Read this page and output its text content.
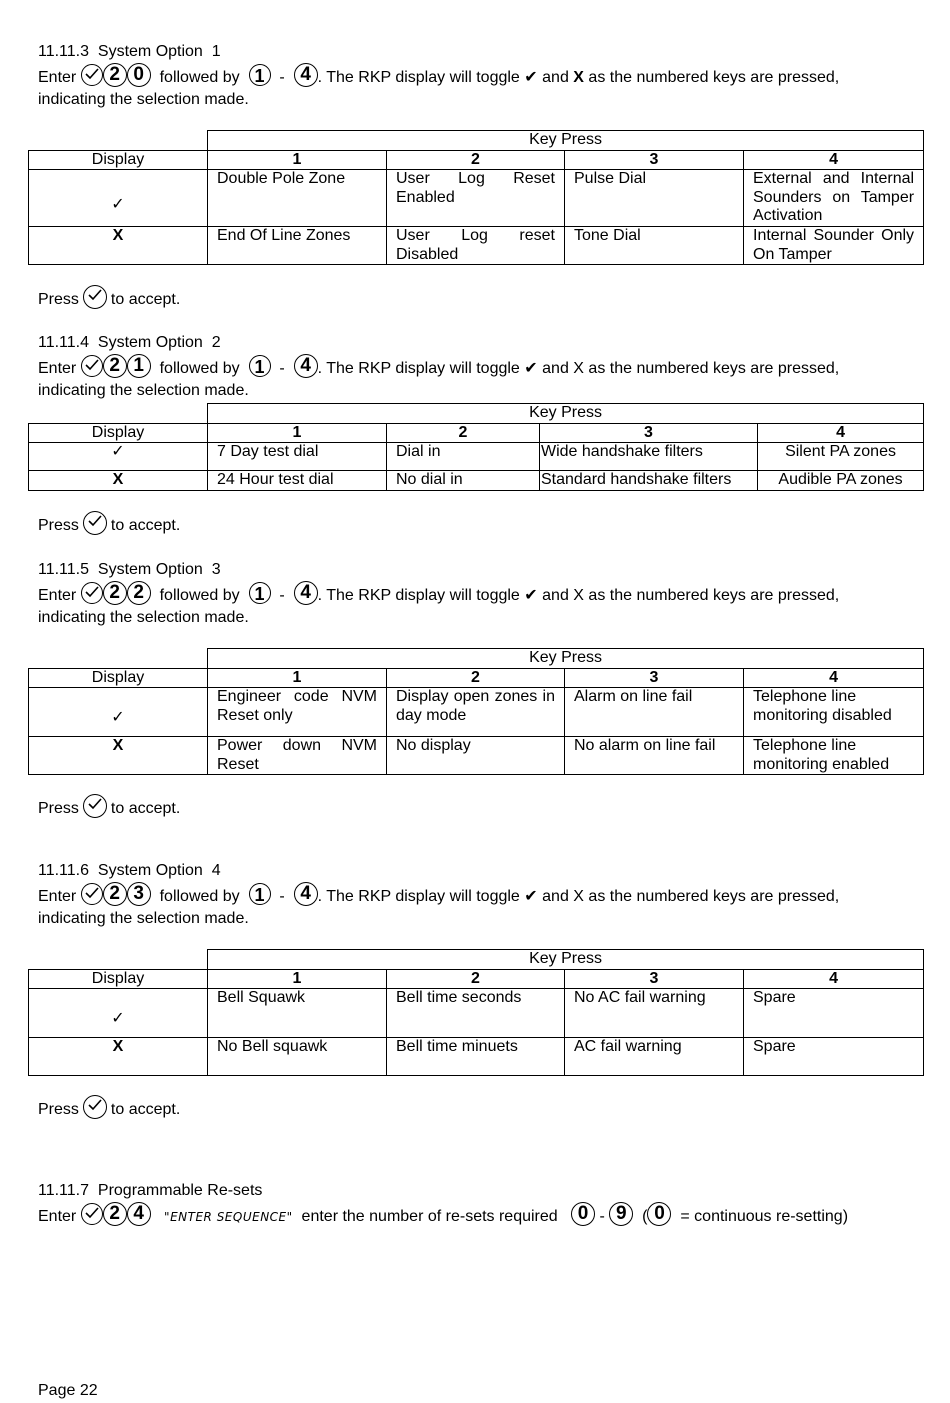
11.11.3  System Option  1
Enter 2 0 followed by 1 - 4 . The RKP display will toggle ✔ and X as the numbered keys are pressed,
indicating the selection made.
	Key Press			
Display	1	2	3	4
✓	Double Pole Zone	User Log Reset Enabled	Pulse Dial	External and Internal Sounders on Tamper Activation
X	End Of Line Zones	User Log reset Disabled	Tone Dial	Internal Sounder Only On Tamper
Press to accept.
11.11.4  System Option  2
Enter 2 1 followed by 1 - 4 . The RKP display will toggle ✔ and X as the numbered keys are pressed,
indicating the selection made.
	Key Press			
Display	1	2	3	4
✓	7 Day test dial	Dial in	Wide handshake filters	Silent PA zones
X	24 Hour test dial	No dial in	Standard handshake filters	Audible PA zones
Press to accept.
11.11.5  System Option  3
Enter 2 2 followed by 1 - 4 . The RKP display will toggle ✔ and X as the numbered keys are pressed,
indicating the selection made.
	Key Press			
Display	1	2	3	4
✓	Engineer code NVM Reset only	Display open zones in day mode	Alarm on line fail	Telephone line monitoring disabled
X	Power down NVM Reset	No display	No alarm on line fail	Telephone line monitoring enabled
Press to accept.
11.11.6  System Option  4
Enter 2 3 followed by 1 - 4 . The RKP display will toggle ✔ and X as the numbered keys are pressed,
indicating the selection made.
	Key Press			
Display	1	2	3	4
✓	Bell Squawk	Bell time seconds	No AC fail warning	Spare
X	No Bell squawk	Bell time minuets	AC fail warning	Spare
Press to accept.
11.11.7  Programmable Re-sets
Enter 2 4 "ENTER SEQUENCE" enter the number of re-sets required 0 - 9 ( 0 = continuous re-setting)
Page 22
